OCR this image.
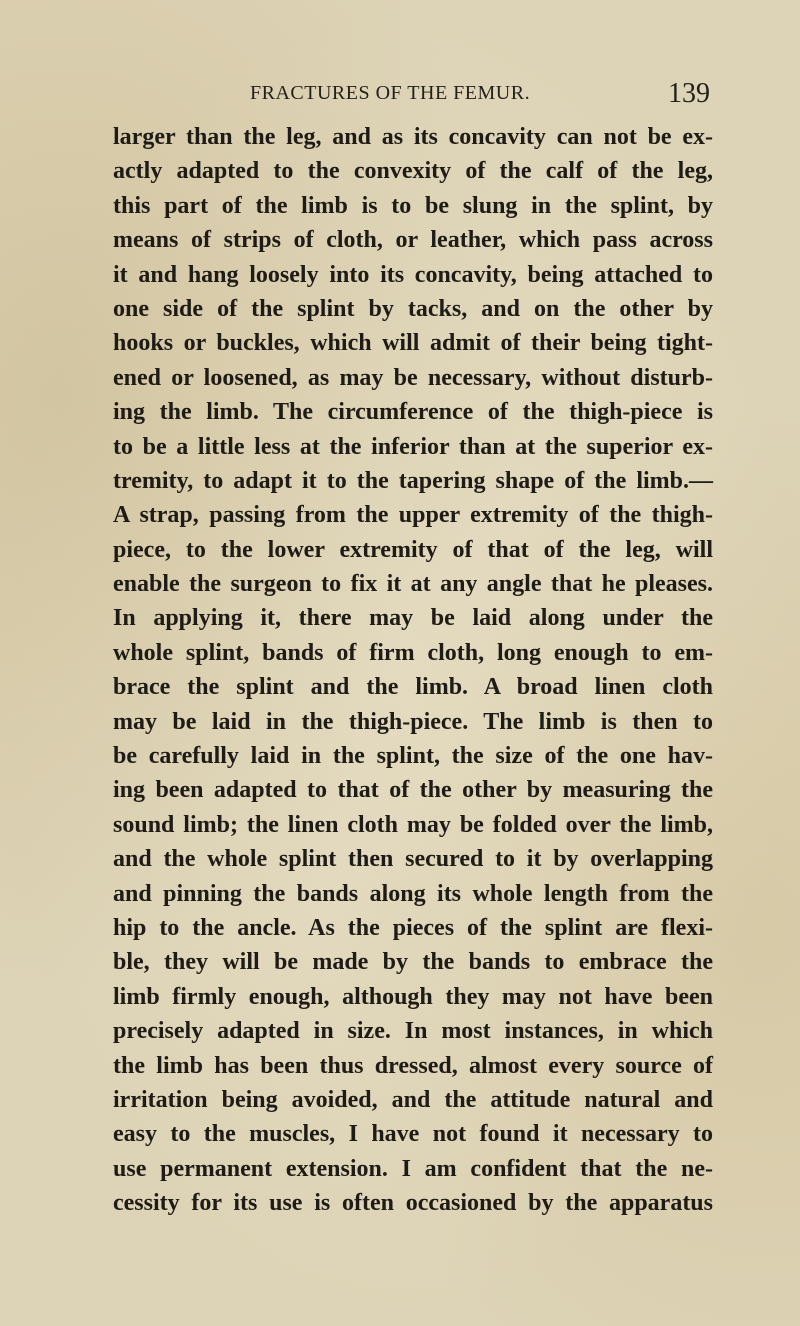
FRACTURES OF THE FEMUR.	139
larger than the leg, and as its concavity can not be ex-
actly adapted to the convexity of the calf of the leg,
this part of the limb is to be slung in the splint, by
means of strips of cloth, or leather, which pass across
it and hang loosely into its concavity, being attached to
one side of the splint by tacks, and on the other by
hooks or buckles, which will admit of their being tight-
ened or loosened, as may be necessary, without disturb-
ing the limb. The circumference of the thigh-piece is
to be a little less at the inferior than at the superior ex-
tremity, to adapt it to the tapering shape of the limb.—
A strap, passing from the upper extremity of the thigh-
piece, to the lower extremity of that of the leg, will
enable the surgeon to fix it at any angle that he pleases.
In applying it, there may be laid along under the
whole splint, bands of firm cloth, long enough to em-
brace the splint and the limb. A broad linen cloth
may be laid in the thigh-piece. The limb is then to
be carefully laid in the splint, the size of the one hav-
ing been adapted to that of the other by measuring the
sound limb; the linen cloth may be folded over the limb,
and the whole splint then secured to it by overlapping
and pinning the bands along its whole length from the
hip to the ancle. As the pieces of the splint are flexi-
ble, they will be made by the bands to embrace the
limb firmly enough, although they may not have been
precisely adapted in size. In most instances, in which
the limb has been thus dressed, almost every source of
irritation being avoided, and the attitude natural and
easy to the muscles, I have not found it necessary to
use permanent extension. I am confident that the ne-
cessity for its use is often occasioned by the apparatus
